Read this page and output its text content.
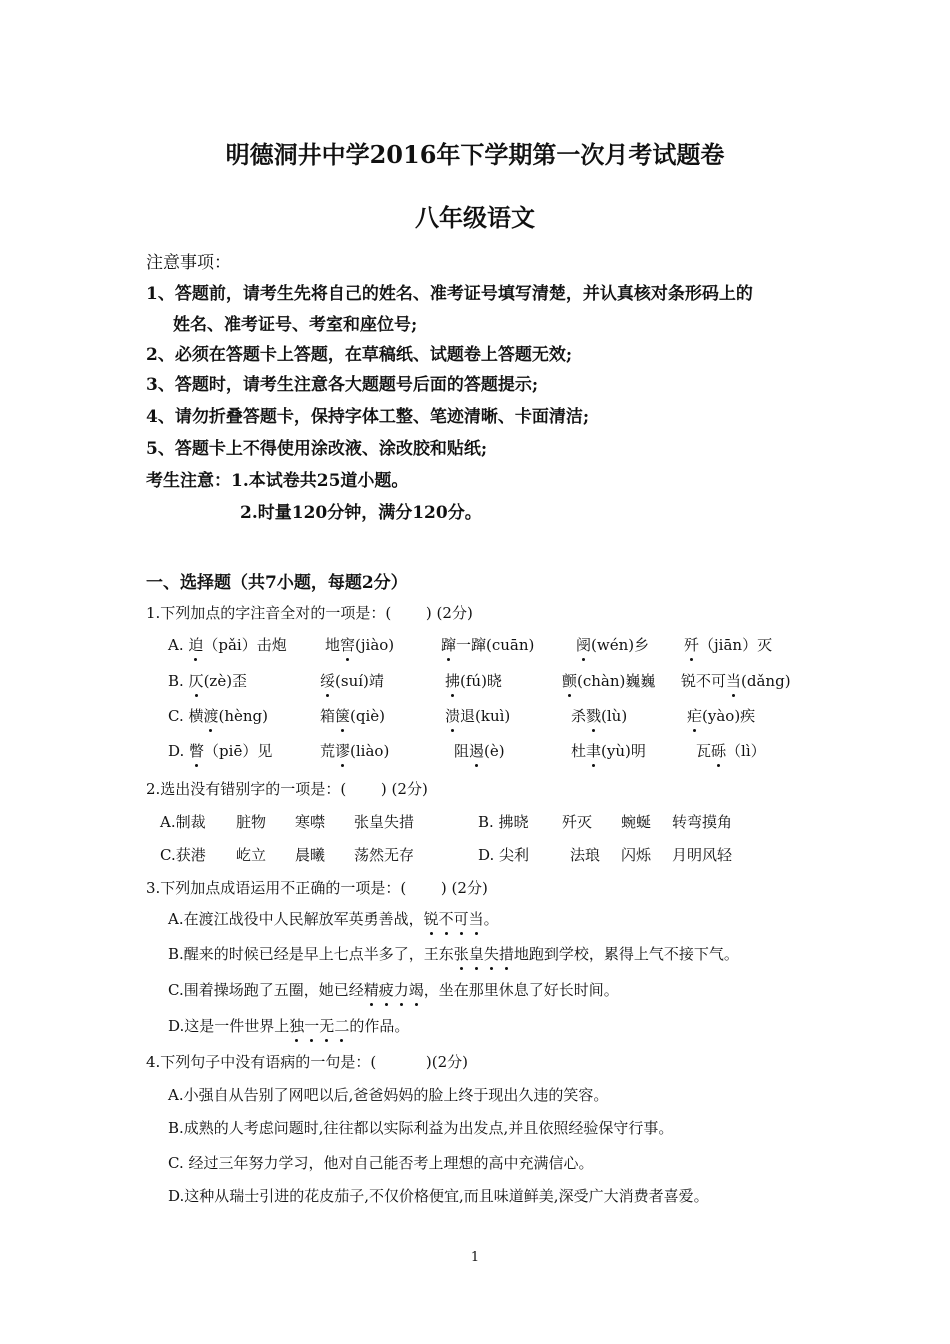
明德洞井中学2016年下学期第一次月考试题卷
八年级语文
注意事项：
1、答题前，请考生先将自己的姓名、准考证号填写清楚，并认真核对条形码上的
姓名、准考证号、考室和座位号;
2、必须在答题卡上答题，在草稿纸、试题卷上答题无效;
3、答题时，请考生注意各大题题号后面的答题提示;
4、请勿折叠答题卡，保持字体工整、笔迹清晰、卡面清洁;
5、答题卡上不得使用涂改液、涂改胶和贴纸;
考生注意：1.本试卷共25道小题。
2.时量120分钟，满分120分。
一、选择题（共7小题，每题2分）
1.下列加点的字注音全对的一项是：(　　 ) (2分)
A. 迫（pǎi）击炮	地窖(jiào)	蹿一蹿(cuān)	阌(wén)乡 歼（jiān）灭
B. 仄(zè)歪	绥(suí)靖	拂(fú)晓	颤(chàn)巍巍 锐不可当(dǎng)
C. 横渡(hèng)	箱箧(qiè)	溃退(kuì)	杀戮(lù)	疟(yào)疾
D. 瞥（piē）见	荒谬(liào)	阻遏(è)	杜聿(yù)明	瓦砾（lì）
2.选出没有错别字的一项是：(　　 ) (2分)
A.制裁 脏物 寒噤 张皇失措	B. 拂晓 歼灭 蜿蜒 转弯摸角
C.获港 屹立 晨曦 荡然无存	D. 尖利	法琅 闪烁 月明风轻
3.下列加点成语运用不正确的一项是：(　　 ) (2分)
A.在渡江战役中人民解放军英勇善战，锐不可当。
B.醒来的时候已经是早上七点半多了，王东张皇失措地跑到学校，累得上气不接下气。
C.围着操场跑了五圈，她已经精疲力竭，坐在那里休息了好长时间。
D.这是一件世界上独一无二的作品。
4.下列句子中没有语病的一句是：(　　　 )(2分)
A.小强自从告别了网吧以后,爸爸妈妈的脸上终于现出久违的笑容。
B.成熟的人考虑问题时,往往都以实际利益为出发点,并且依照经验保守行事。
C. 经过三年努力学习，他对自己能否考上理想的高中充满信心。
D.这种从瑞士引进的花皮茄子,不仅价格便宜,而且味道鲜美,深受广大消费者喜爱。
1
